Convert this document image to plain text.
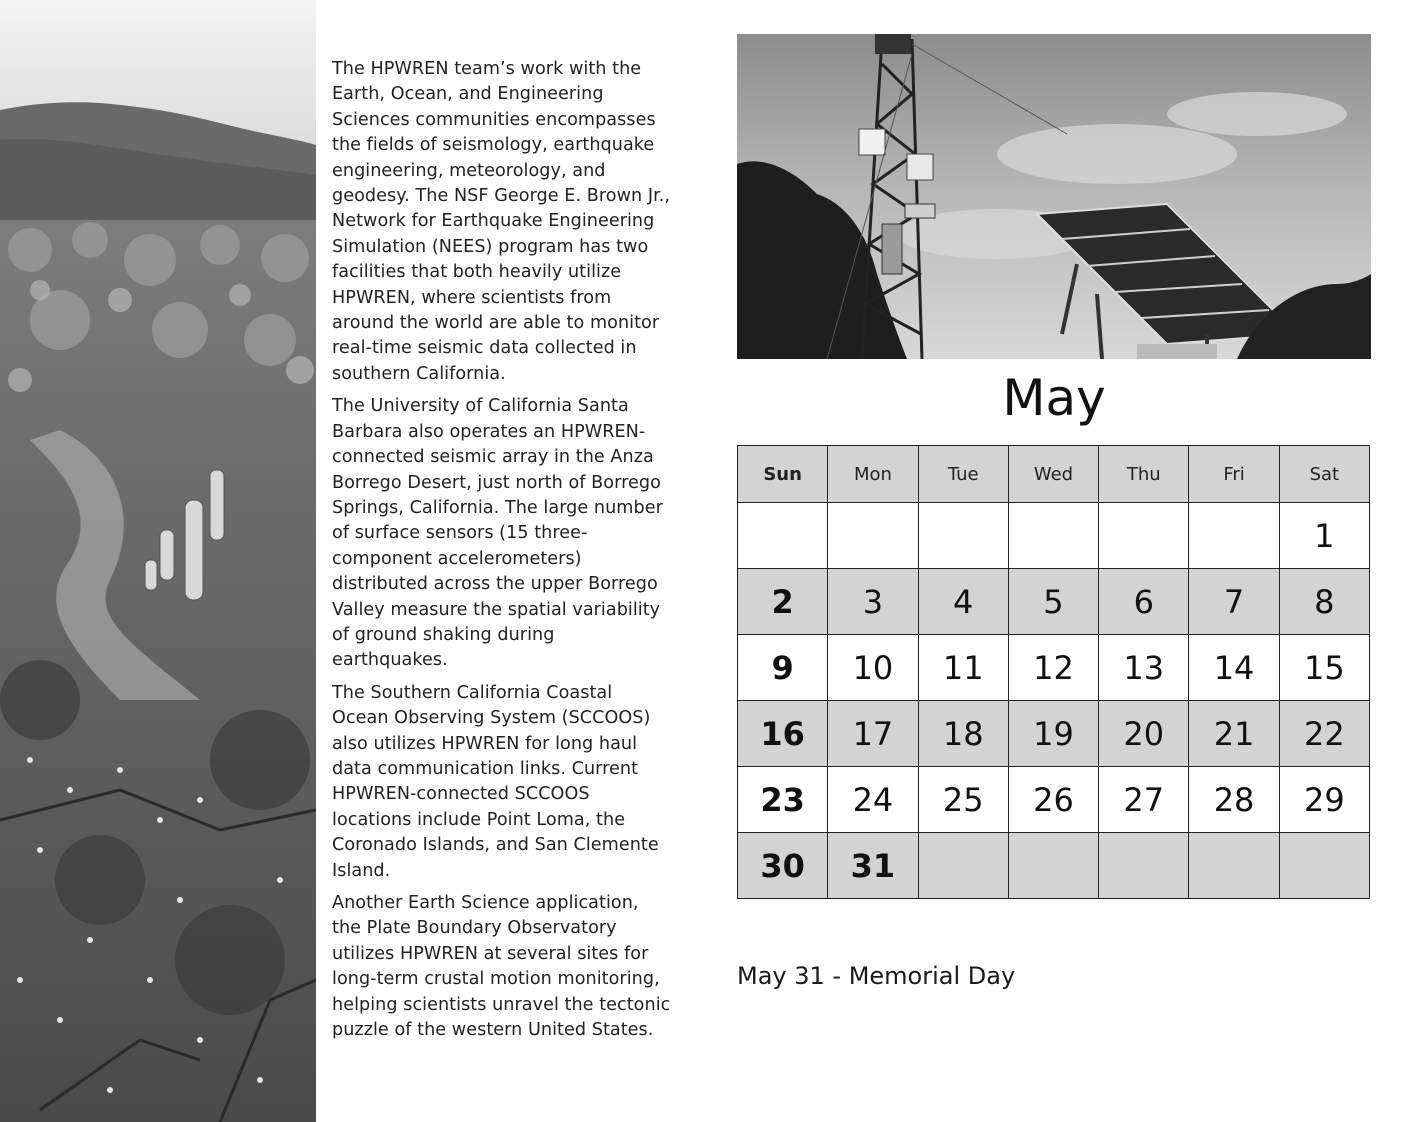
The HPWREN team’s work with the Earth, Ocean, and Engineering Sciences communities encompasses the fields of seismology, earthquake engineering, meteorology, and geodesy. The NSF George E. Brown Jr., Network for Earthquake Engineering Simulation (NEES) program has two facilities that both heavily utilize HPWREN, where scientists from around the world are able to monitor real-time seismic data collected in southern California.

The University of California Santa Barbara also operates an HPWREN-connected seismic array in the Anza Borrego Desert, just north of Borrego Springs, California. The large number of surface sensors (15 three-component accelerometers) distributed across the upper Borrego Valley measure the spatial variability of ground shaking during earthquakes.

The Southern California Coastal Ocean Observing System (SCCOOS) also utilizes HPWREN for long haul data communication links. Current HPWREN-connected SCCOOS locations include Point Loma, the Coronado Islands, and San Clemente Island.

Another Earth Science application, the Plate Boundary Observatory utilizes HPWREN at several sites for long-term crustal motion monitoring, helping scientists unravel the tectonic puzzle of the western United States.

May
Sun	Mon	Tue	Wed	Thu	Fri	Sat
						1
2	3	4	5	6	7	8
9	10	11	12	13	14	15
16	17	18	19	20	21	22
23	24	25	26	27	28	29
30	31					
May 31 - Memorial Day
